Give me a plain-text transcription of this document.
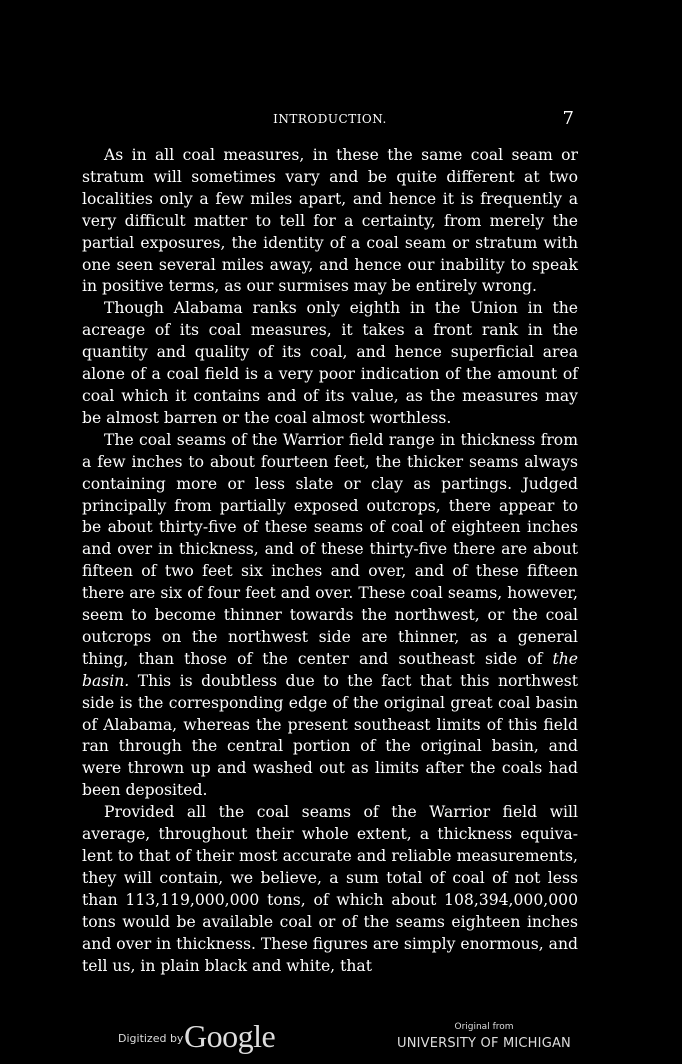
INTRODUCTION.	7

As in all coal measures, in these the same coal seam or stratum will sometimes vary and be quite different at two localities only a few miles apart, and hence it is frequently a very difficult matter to tell for a certainty, from merely the partial exposures, the identity of a coal seam or stratum with one seen several miles away, and hence our inability to speak in positive terms, as our surmises may be entirely wrong.

Though Alabama ranks only eighth in the Union in the acreage of its coal measures, it takes a front rank in the quantity and quality of its coal, and hence superficial area alone of a coal field is a very poor indication of the amount of coal which it contains and of its value, as the measures may be almost barren or the coal almost worthless.

The coal seams of the Warrior field range in thickness from a few inches to about fourteen feet, the thicker seams always containing more or less slate or clay as partings. Judged principally from partially exposed outcrops, there appear to be about thirty-five of these seams of coal of eighteen inches and over in thickness, and of these thirty-five there are about fifteen of two feet six inches and over, and of these fifteen there are six of four feet and over. These coal seams, however, seem to become thinner towards the northwest, or the coal outcrops on the northwest side are thinner, as a general thing, than those of the center and southeast side of the basin. This is doubtless due to the fact that this northwest side is the corresponding edge of the original great coal basin of Alabama, whereas the present southeast limits of this field ran through the central portion of the original basin, and were thrown up and washed out as limits after the coals had been deposited.

Provided all the coal seams of the Warrior field will average, throughout their whole extent, a thickness equivalent to that of their most accurate and reliable measurements, they will contain, we believe, a sum total of coal of not less than 113,119,000,000 tons, of which about 108,394,000,000 tons would be available coal or of the seams eighteen inches and over in thickness. These figures are simply enormous, and tell us, in plain black and white, that

Digitized by Google	Original from
UNIVERSITY OF MICHIGAN
